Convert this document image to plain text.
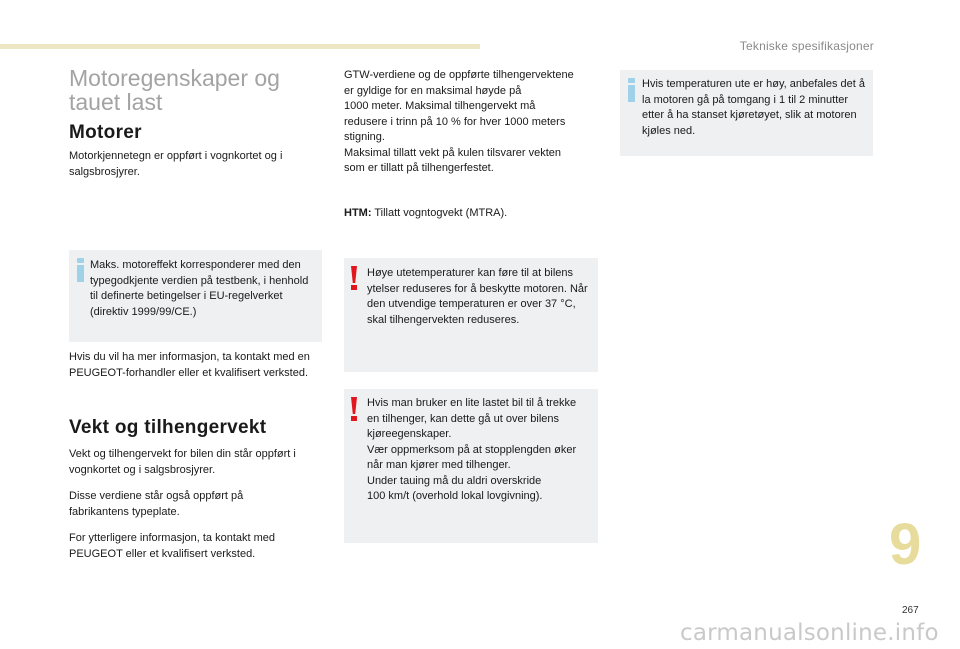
Tekniske spesifikasjoner
Motoregenskaper og tauet last
Motorer
Motorkjennetegn er oppført i vognkortet og i salgsbrosjyrer.
Maks. motoreffekt korresponderer med den typegodkjente verdien på testbenk, i henhold til definerte betingelser i EU-regelverket (direktiv 1999/99/CE.)
Hvis du vil ha mer informasjon, ta kontakt med en PEUGEOT-forhandler eller et kvalifisert verksted.
Vekt og tilhengervekt
Vekt og tilhengervekt for bilen din står oppført i vognkortet og i salgsbrosjyrer.
Disse verdiene står også oppført på fabrikantens typeplate.
For ytterligere informasjon, ta kontakt med PEUGEOT eller et kvalifisert verksted.
GTW-verdiene og de oppførte tilhengervektene
er gyldige for en maksimal høyde på
1000 meter. Maksimal tilhengervekt må
redusere i trinn på 10 % for hver 1000 meters
stigning.
Maksimal tillatt vekt på kulen tilsvarer vekten
som er tillatt på tilhengerfestet.
HTM: Tillatt vogntogvekt (MTRA).
Høye utetemperaturer kan føre til at bilens ytelser reduseres for å beskytte motoren. Når den utvendige temperaturen er over 37 °C, skal tilhengervekten reduseres.
Hvis man bruker en lite lastet bil til å trekke
en tilhenger, kan dette gå ut over bilens
kjøreegenskaper.
Vær oppmerksom på at stopplengden øker
når man kjører med tilhenger.
Under tauing må du aldri overskride
100 km/t (overhold lokal lovgivning).
Hvis temperaturen ute er høy, anbefales det å la motoren gå på tomgang i 1 til 2 minutter etter å ha stanset kjøretøyet, slik at motoren kjøles ned.
9
267
carmanualsonline.info
